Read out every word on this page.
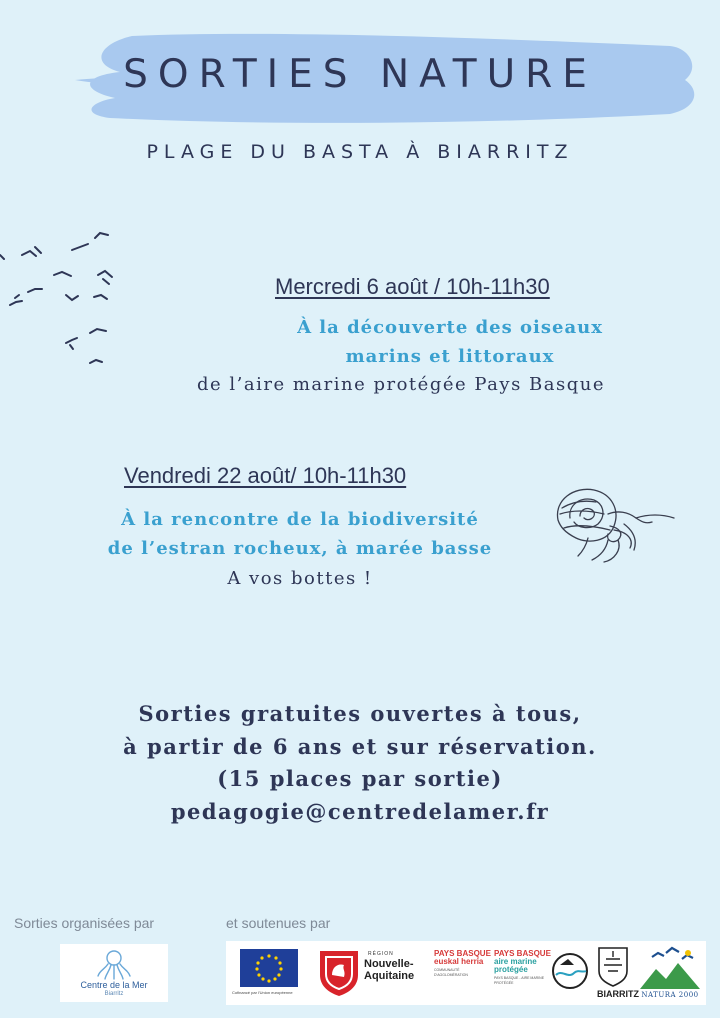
SORTIES NATURE
PLAGE DU BASTA À BIARRITZ
Mercredi 6 août / 10h-11h30
À la découverte des oiseaux
marins et littoraux
de l’aire marine protégée Pays Basque
Vendredi 22 août/ 10h-11h30
À la rencontre de la biodiversité
de l’estran rocheux, à marée basse
A vos bottes !
Sorties gratuites ouvertes à tous,
à partir de 6 ans et sur réservation.
(15 places par sortie)
pedagogie@centredelamer.fr
Sorties organisées par	et soutenues par
Centre de la Mer
Biarritz	Cofinancé par l'Union européenne
RÉGION
Nouvelle-Aquitaine
PAYS BASQUE
euskal herria
COMMUNAUTÉ D'AGGLOMÉRATION
PAYS BASQUE
aire marine protégée
PAYS BASQUE - AIRE MARINE PROTÉGÉE
BIARRITZ NATURA 2000
